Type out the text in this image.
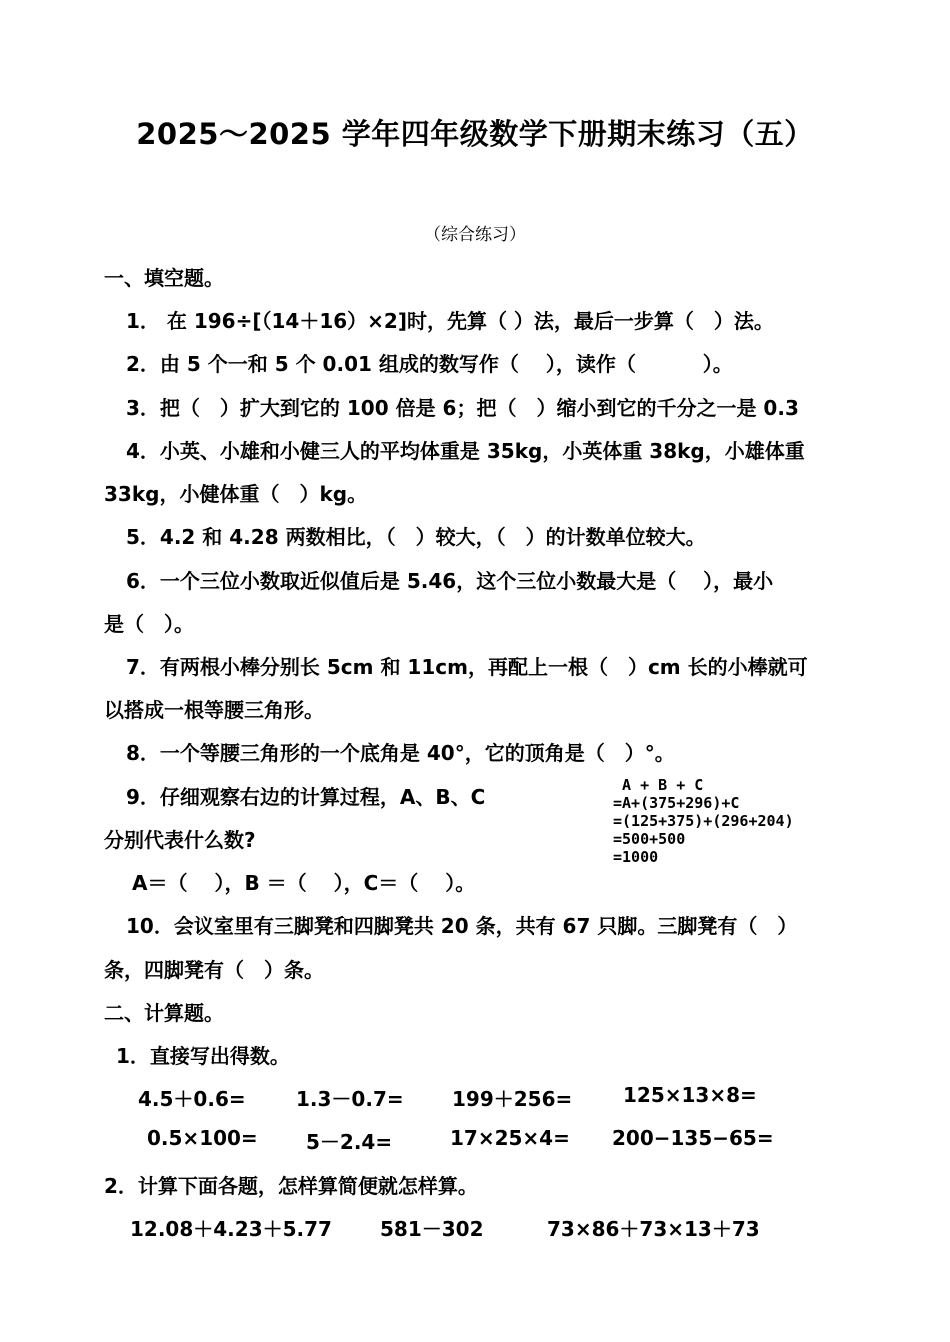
2025～2025 学年四年级数学下册期末练习（五）
（综合练习）
一、填空题。
1． 在 196÷[（14＋16）×2]时，先算（ ）法，最后一步算（　）法。
2．由 5 个一和 5 个 0.01 组成的数写作（　 ），读作（　　　 ）。
3．把（　）扩大到它的 100 倍是 6；把（　）缩小到它的千分之一是 0.3
4．小英、小雄和小健三人的平均体重是 35kg，小英体重 38kg，小雄体重
33kg，小健体重（　）kg。
5．4.2 和 4.28 两数相比，（　）较大，（　）的计数单位较大。
6．一个三位小数取近似值后是 5.46，这个三位小数最大是（　 ），最小
是（　）。
7．有两根小棒分别长 5cm 和 11cm，再配上一根（　）cm 长的小棒就可
以搭成一根等腰三角形。
8．一个等腰三角形的一个底角是 40°，它的顶角是（　）°。
9．仔细观察右边的计算过程，A、B、C
分别代表什么数?
A＝（　 ），B ＝（　 ），C＝（　 ）。
10．会议室里有三脚凳和四脚凳共 20 条，共有 67 只脚。三脚凳有（　）
条，四脚凳有（　）条。
A + B + C
=A+(375+296)+C
=(125+375)+(296+204)
=500+500
=1000
二、计算题。
1．直接写出得数。
4.5＋0.6=	1.3－0.7= 199＋256=	125×13×8=
0.5×100= 5－2.4=	17×25×4= 200−135−65=
2．计算下面各题，怎样算简便就怎样算。
12.08＋4.23＋5.77 581－302	73×86＋73×13＋73
